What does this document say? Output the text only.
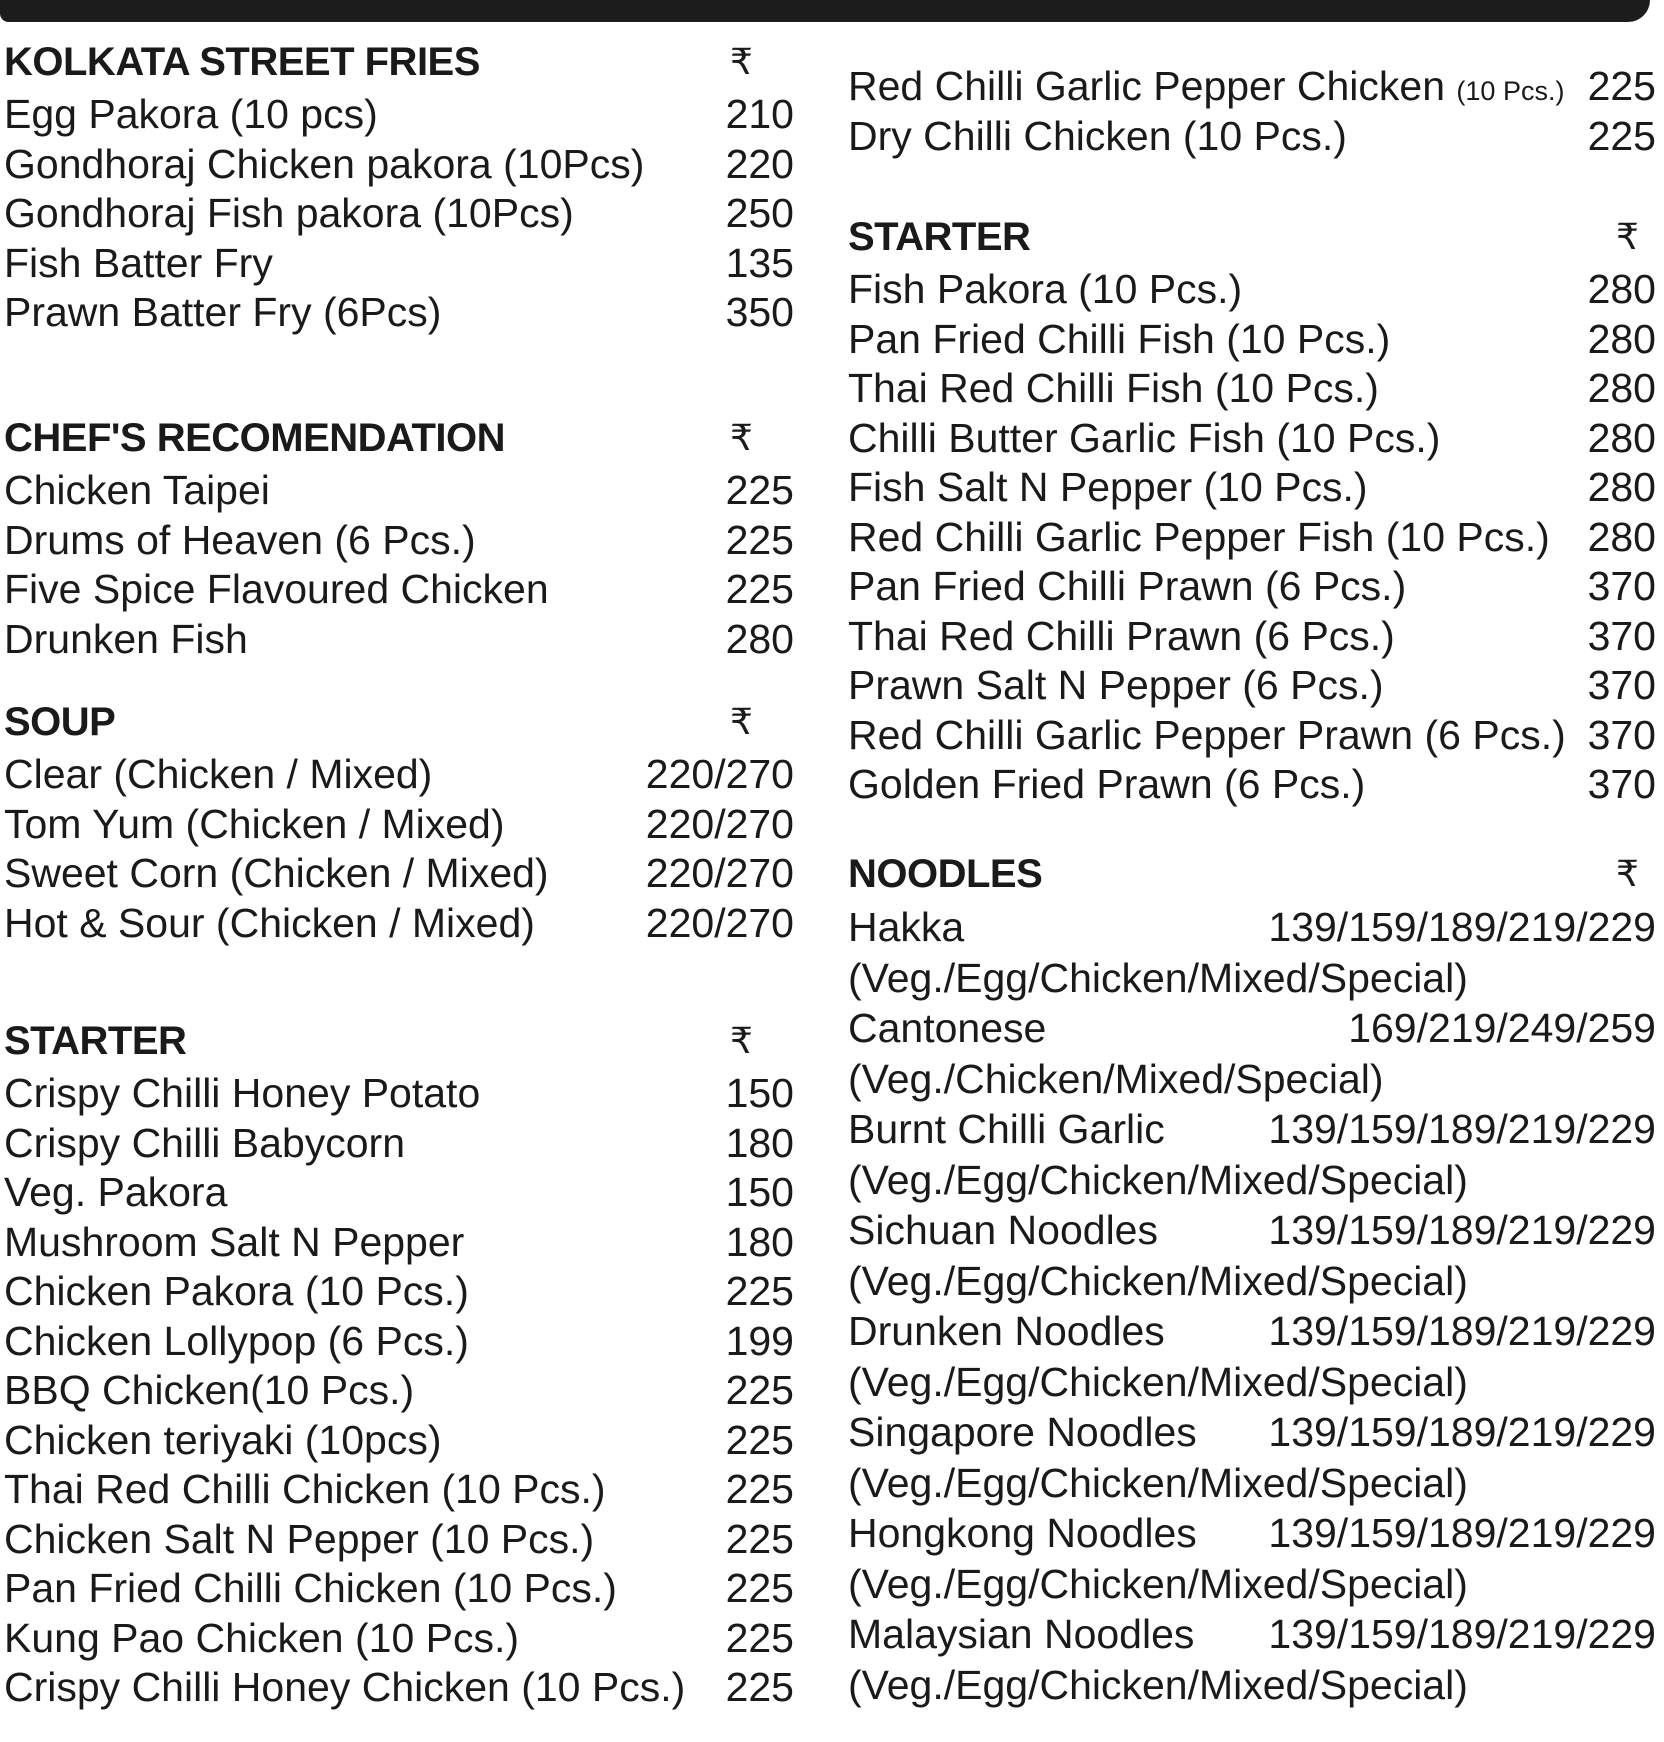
KOLKATA STREET FRIES	₹
Egg Pakora (10 pcs)	210
Gondhoraj Chicken pakora (10Pcs) 220
Gondhoraj Fish pakora (10Pcs)	250
Fish Batter Fry	135
Prawn Batter Fry (6Pcs)	350
CHEF'S RECOMENDATION	₹
Chicken Taipei	225
Drums of Heaven (6 Pcs.)	225
Five Spice Flavoured Chicken	225
Drunken Fish	280
SOUP	₹
Clear (Chicken / Mixed)	220/270
Tom Yum (Chicken / Mixed)	220/270
Sweet Corn (Chicken / Mixed) 220/270
Hot & Sour (Chicken / Mixed)	220/270
STARTER	₹
Crispy Chilli Honey Potato	150
Crispy Chilli Babycorn	180
Veg. Pakora	150
Mushroom Salt N Pepper	180
Chicken Pakora (10 Pcs.)	225
Chicken Lollypop (6 Pcs.)	199
BBQ Chicken(10 Pcs.)	225
Chicken teriyaki (10pcs)	225
Thai Red Chilli Chicken (10 Pcs.)	225
Chicken Salt N Pepper (10 Pcs.)	225
Pan Fried Chilli Chicken (10 Pcs.)	225
Kung Pao Chicken (10 Pcs.)	225
Crispy Chilli Honey Chicken (10 Pcs.) 225
Red Chilli Garlic Pepper Chicken (10 Pcs.) 225
Dry Chilli Chicken (10 Pcs.)	225
STARTER	₹
Fish Pakora (10 Pcs.)	280
Pan Fried Chilli Fish (10 Pcs.)	280
Thai Red Chilli Fish (10 Pcs.)	280
Chilli Butter Garlic Fish (10 Pcs.)	280
Fish Salt N Pepper (10 Pcs.)	280
Red Chilli Garlic Pepper Fish (10 Pcs.) 280
Pan Fried Chilli Prawn (6 Pcs.)	370
Thai Red Chilli Prawn (6 Pcs.)	370
Prawn Salt N Pepper (6 Pcs.)	370
Red Chilli Garlic Pepper Prawn (6 Pcs.) 370
Golden Fried Prawn (6 Pcs.)	370
NOODLES	₹
Hakka	139/159/189/219/229
(Veg./Egg/Chicken/Mixed/Special)
Cantonese	169/219/249/259
(Veg./Chicken/Mixed/Special)
Burnt Chilli Garlic	139/159/189/219/229
(Veg./Egg/Chicken/Mixed/Special)
Sichuan Noodles	139/159/189/219/229
(Veg./Egg/Chicken/Mixed/Special)
Drunken Noodles	139/159/189/219/229
(Veg./Egg/Chicken/Mixed/Special)
Singapore Noodles 139/159/189/219/229
(Veg./Egg/Chicken/Mixed/Special)
Hongkong Noodles 139/159/189/219/229
(Veg./Egg/Chicken/Mixed/Special)
Malaysian Noodles 139/159/189/219/229
(Veg./Egg/Chicken/Mixed/Special)
